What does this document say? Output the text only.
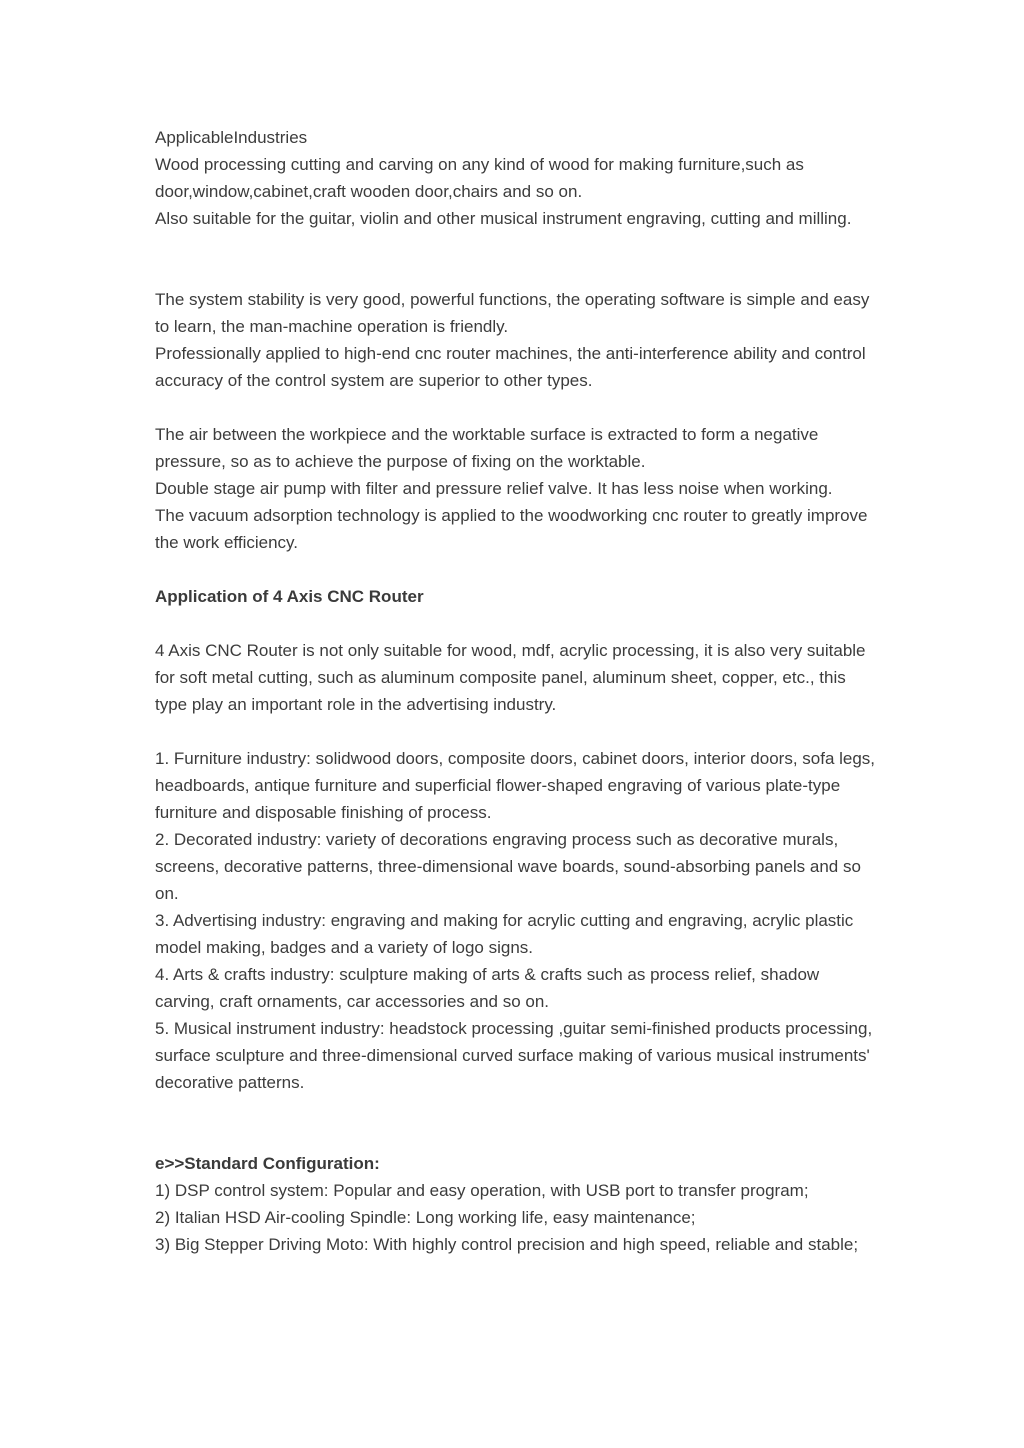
ApplicableIndustries

Wood processing cutting and carving on any kind of wood for making furniture,such as door,window,cabinet,craft wooden door,chairs and so on.

Also suitable for the guitar, violin and other musical instrument engraving, cutting and milling.

The system stability is very good, powerful functions, the operating software is simple and easy to learn, the man-machine operation is friendly.

Professionally applied to high-end cnc router machines, the anti-interference ability and control accuracy of the control system are superior to other types.

The air between the workpiece and the worktable surface is extracted to form a negative pressure, so as to achieve the purpose of fixing on the worktable.

Double stage air pump with filter and pressure relief valve. It has less noise when working.

The vacuum adsorption technology is applied to the woodworking cnc router to greatly improve the work efficiency.

Application of 4 Axis CNC Router

4 Axis CNC Router is not only suitable for wood, mdf, acrylic processing, it is also very suitable for soft metal cutting, such as aluminum composite panel, aluminum sheet, copper, etc., this type play an important role in the advertising industry.

1. Furniture industry: solidwood doors, composite doors, cabinet doors, interior doors, sofa legs, headboards, antique furniture and superficial flower-shaped engraving of various plate-type furniture and disposable finishing of process.

2. Decorated industry: variety of decorations engraving process such as decorative murals, screens, decorative patterns, three-dimensional wave boards, sound-absorbing panels and so on.

3. Advertising industry: engraving and making for acrylic cutting and engraving, acrylic plastic model making, badges and a variety of logo signs.

4. Arts & crafts industry: sculpture making of arts & crafts such as process relief, shadow carving, craft ornaments, car accessories and so on.

5. Musical instrument industry: headstock processing ,guitar semi-finished products processing, surface sculpture and three-dimensional curved surface making of various musical instruments' decorative patterns.

e>>Standard Configuration:

1) DSP control system: Popular and easy operation, with USB port to transfer program;

2) Italian HSD Air-cooling Spindle: Long working life, easy maintenance;

3) Big Stepper Driving Moto: With highly control precision and high speed, reliable and stable;
